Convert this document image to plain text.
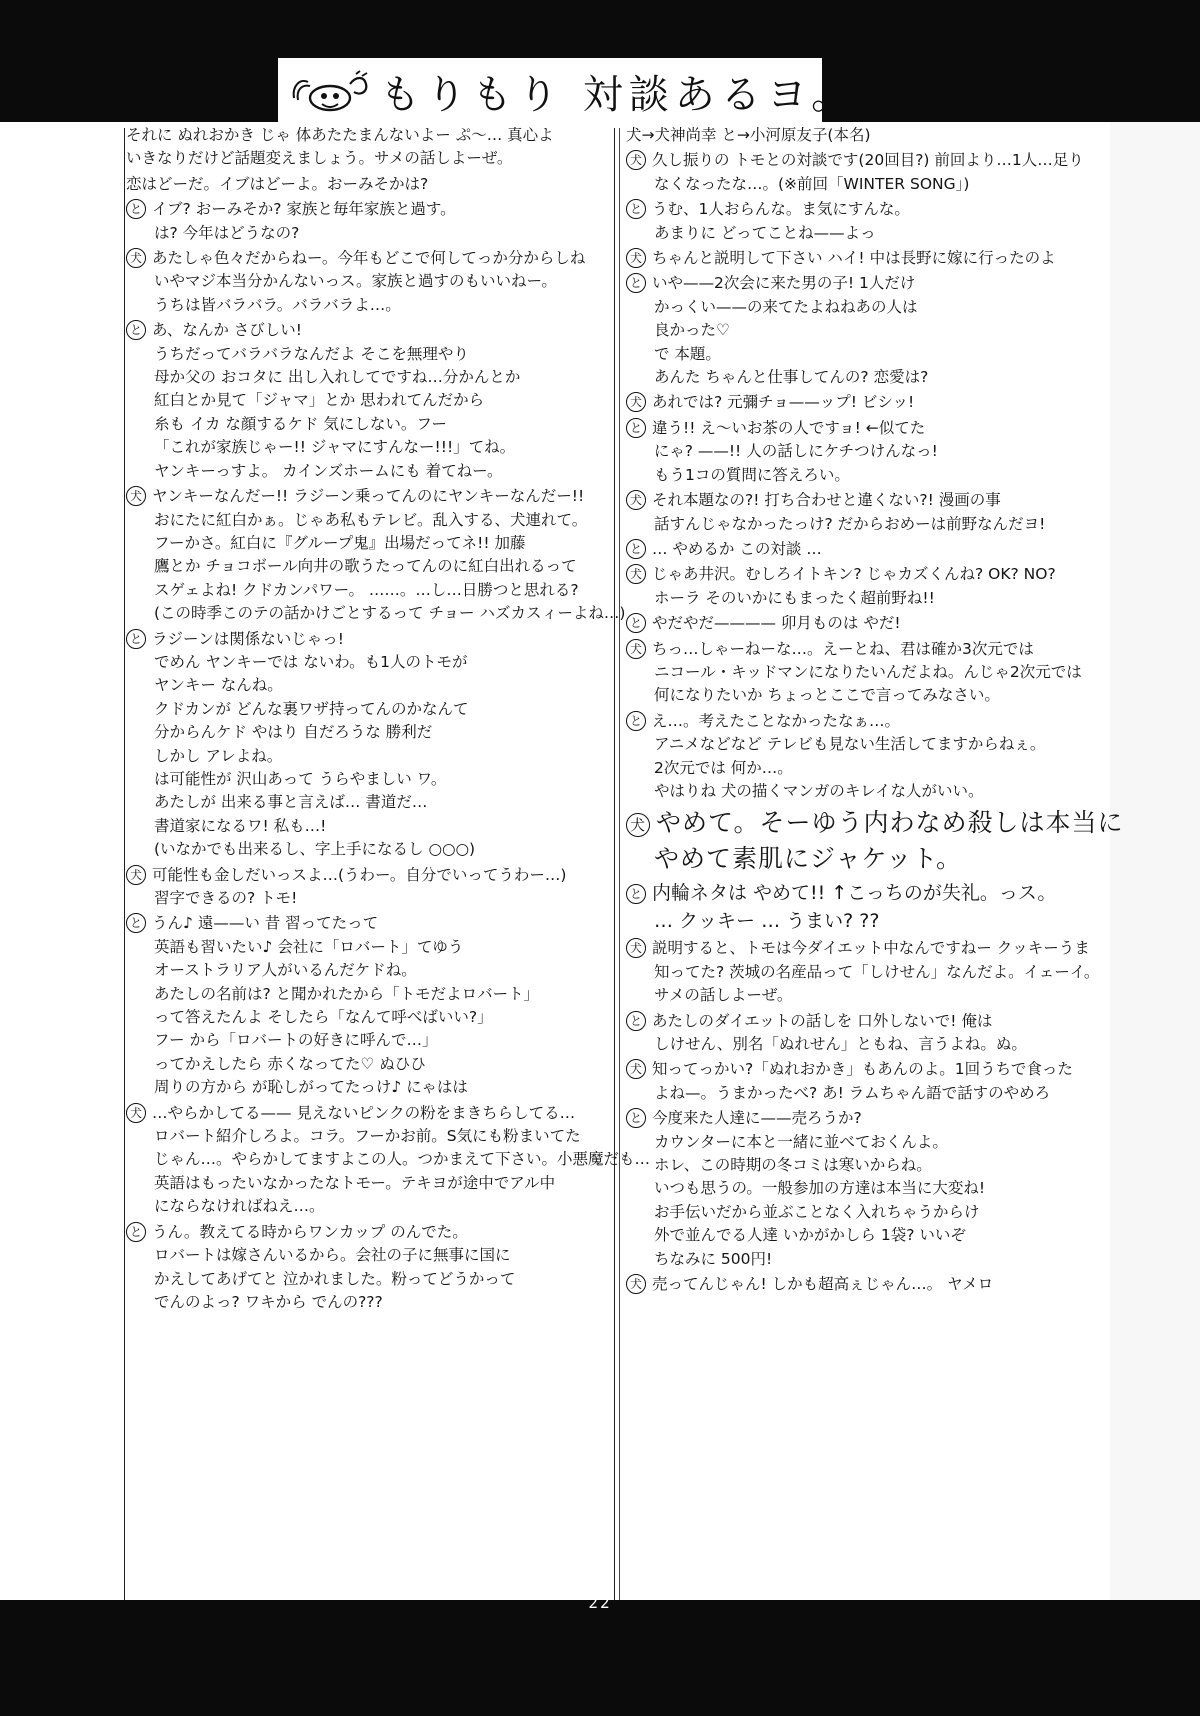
もりもり 対談あるヨ。
それに ぬれおかき じゃ 体あたたまんないよー ぷ〜… 真心よ
いきなりだけど話題変えましょう。サメの話しよーぜ。
恋はどーだ。イブはどーよ。おーみそかは?
と イブ? おーみそか? 家族と毎年家族と過す。
は? 今年はどうなの?
犬 あたしゃ色々だからねー。今年もどこで何してっか分からしね
いやマジ本当分かんないっス。家族と過すのもいいねー。
うちは皆バラバラ。バラバラよ…。
と あ、なんか さびしい!
うちだってバラバラなんだよ そこを無理やり
母か父の おコタに 出し入れしてですね…分かんとか
紅白とか見て「ジャマ」とか 思われてんだから
糸も イカ な顔するケド 気にしない。フー
「これが家族じゃー!! ジャマにすんなー!!!」てね。
ヤンキーっすよ。 カインズホームにも 着てねー。
犬 ヤンキーなんだー!! ラジーン乗ってんのにヤンキーなんだー!!
おにたに紅白かぁ。じゃあ私もテレビ。乱入する、犬連れて。
フーかさ。紅白に『グループ鬼』出場だってネ!! 加藤
鷹とか チョコボール向井の歌うたってんのに紅白出れるって
スゲェよね! クドカンパワー。 ……。…し…日勝つと思れる?
(この時季このテの話かけごとするって チョー ハズカスィーよね…)
と ラジーンは関係ないじゃっ!
でめん ヤンキーでは ないわ。も1人のトモが
ヤンキー なんね。
クドカンが どんな裏ワザ持ってんのかなんて
分からんケド やはり 自だろうな 勝利だ
しかし アレよね。
は可能性が 沢山あって うらやましい ワ。
あたしが 出来る事と言えば… 書道だ…
書道家になるワ! 私も…!
(いなかでも出来るし、字上手になるし ○○○)
犬 可能性も金しだいっスよ…(うわー。自分でいってうわー…)
習字できるの? トモ!
と うん♪ 遠——い 昔 習ってたって
英語も習いたい♪ 会社に「ロバート」てゆう
オーストラリア人がいるんだケドね。
あたしの名前は? と聞かれたから「トモだよロバート」
って答えたんよ そしたら「なんて呼べばいい?」
フー から「ロバートの好きに呼んで…」
ってかえしたら 赤くなってた♡ ぬひひ
周りの方から が恥しがってたっけ♪ にゃはは
犬 …やらかしてる—— 見えないピンクの粉をまきちらしてる…
ロバート紹介しろよ。コラ。フーかお前。S気にも粉まいてた
じゃん…。やらかしてますよこの人。つかまえて下さい。小悪魔だも…
英語はもったいなかったなトモー。テキヨが途中でアル中
にならなければねえ…。
と うん。教えてる時からワンカップ のんでた。
ロバートは嫁さんいるから。会社の子に無事に国に
かえしてあげてと 泣かれました。粉ってどうかって
でんのよっ? ワキから でんの???
犬→犬神尚幸 と→小河原友子(本名)
犬 久し振りの トモとの対談です(20回目?) 前回より…1人…足り
なくなったな…。(※前回「WINTER SONG」)
と うむ、1人おらんな。ま気にすんな。
あまりに どってことね——よっ
犬 ちゃんと説明して下さい ハイ! 中は長野に嫁に行ったのよ
と いや——2次会に来た男の子! 1人だけ
かっくい——の来てたよねねあの人は
良かった♡
で 本題。
あんた ちゃんと仕事してんの? 恋愛は?
犬 あれでは? 元彌チョ——ップ! ビシッ!
と 違う!! え～いお茶の人ですョ! ←似てた
にゃ? ——!! 人の話しにケチつけんなっ!
もう1コの質問に答えろい。
犬 それ本題なの?! 打ち合わせと違くない?! 漫画の事
話すんじゃなかったっけ? だからおめーは前野なんだヨ!
と … やめるか この対談 …
犬 じゃあ井沢。むしろイトキン? じゃカズくんね? OK? NO?
ホーラ そのいかにもまったく超前野ね!!
と やだやだ———— 卯月ものは やだ!
犬 ちっ…しゃーねーな…。えーとね、君は確か3次元では
ニコール・キッドマンになりたいんだよね。んじゃ2次元では
何になりたいか ちょっとここで言ってみなさい。
と え…。考えたことなかったなぁ…。
アニメなどなど テレビも見ない生活してますからねぇ。
2次元では 何か…。
やはりね 犬の描くマンガのキレイな人がいい。
犬 やめて。そーゆう内わなめ殺しは本当に
やめて素肌にジャケット。
と 内輪ネタは やめて!! ↑こっちのが失礼。っス。
… クッキー … うまい? ??
犬 説明すると、トモは今ダイエット中なんですねー クッキーうま
知ってた? 茨城の名産品って「しけせん」なんだよ。イェーイ。
サメの話しよーぜ。
と あたしのダイエットの話しを 口外しないで! 俺は
しけせん、別名「ぬれせん」ともね、言うよね。ぬ。
犬 知ってっかい?「ぬれおかき」もあんのよ。1回うちで食った
よね—。うまかったべ? あ! ラムちゃん語で話すのやめろ
と 今度来た人達に——売ろうか?
カウンターに本と一緒に並べておくんよ。
ホレ、この時期の冬コミは寒いからね。
いつも思うの。一般参加の方達は本当に大変ね!
お手伝いだから並ぶことなく入れちゃうからけ
外で並んでる人達 いかがかしら 1袋? いいぞ
ちなみに 500円!
犬 売ってんじゃん! しかも超高ぇじゃん…。 ヤメロ
22
